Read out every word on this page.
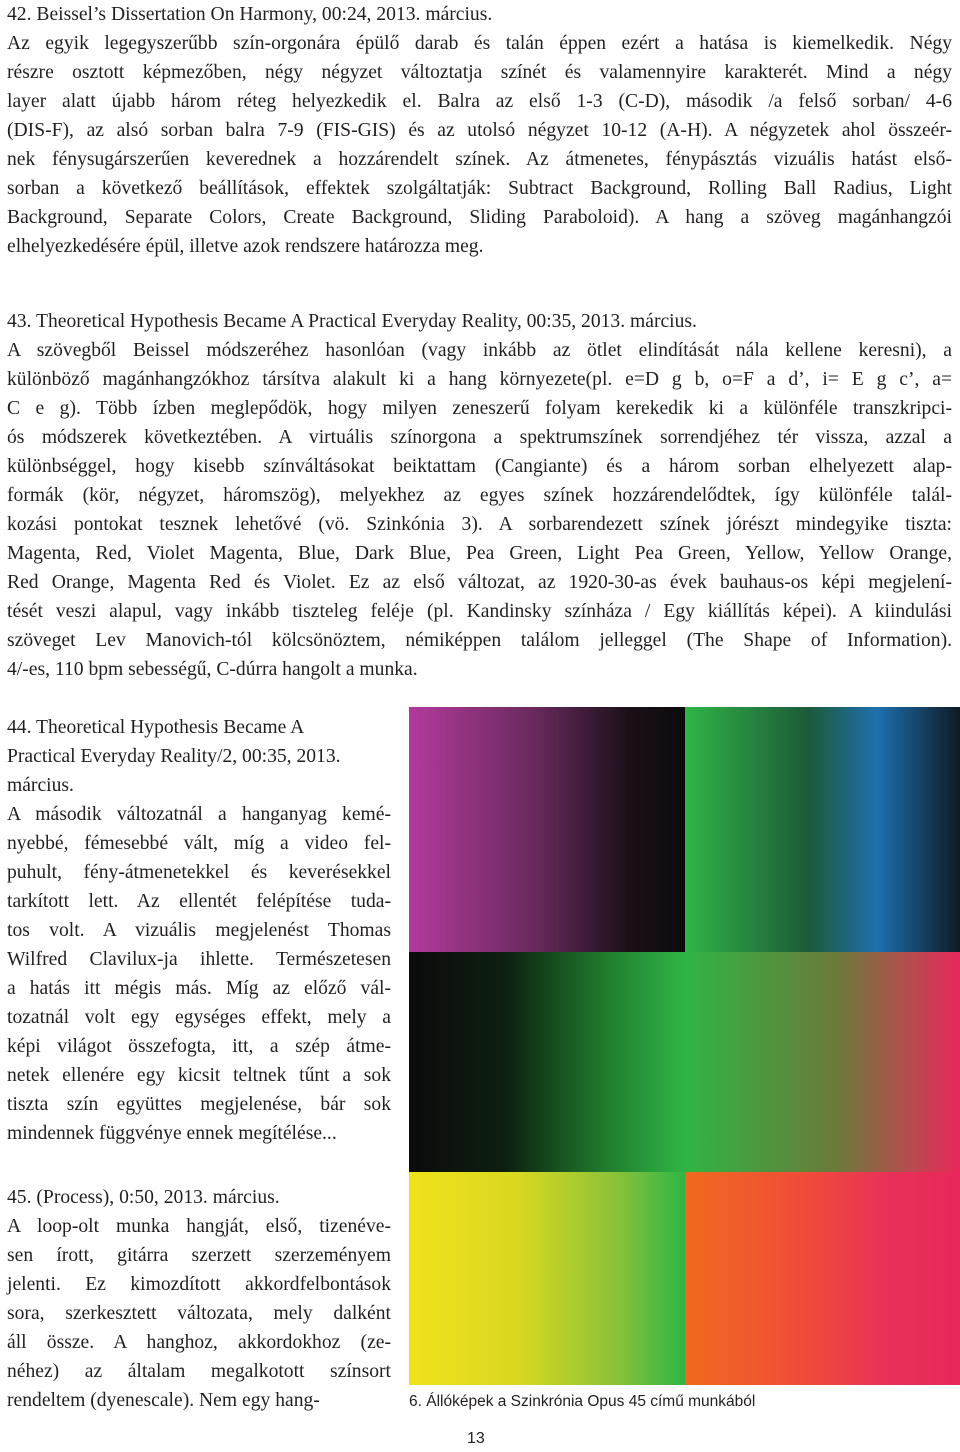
42. Beissel’s Dissertation On Harmony, 00:24, 2013. március.
Az egyik legegyszerűbb szín-orgonára épülő darab és talán éppen ezért a hatása is kiemelkedik. Négy
részre osztott képmezőben, négy négyzet változtatja színét és valamennyire karakterét. Mind a négy
layer alatt újabb három réteg helyezkedik el. Balra az első 1-3 (C-D), második /a felső sorban/ 4-6
(DIS-F), az alsó sorban balra 7-9 (FIS-GIS) és az utolsó négyzet 10-12 (A-H). A négyzetek ahol összeér-
nek fénysugárszerűen keverednek a hozzárendelt színek. Az átmenetes, fénypásztás vizuális hatást első-
sorban a következő beállítások, effektek szolgáltatják: Subtract Background, Rolling Ball Radius, Light
Background, Separate Colors, Create Background, Sliding Paraboloid). A hang a szöveg magánhangzói
elhelyezkedésére épül, illetve azok rendszere határozza meg.
43. Theoretical Hypothesis Became A Practical Everyday Reality, 00:35, 2013. március.
A szövegből Beissel módszeréhez hasonlóan (vagy inkább az ötlet elindítását nála kellene keresni), a
különböző magánhangzókhoz társítva alakult ki a hang környezete(pl. e=D g b, o=F a d’, i= E g c’, a=
C e g). Több ízben meglepődök, hogy milyen zeneszerű folyam kerekedik ki a különféle transzkripci-
ós módszerek következtében. A virtuális színorgona a spektrumszínek sorrendjéhez tér vissza, azzal a
különbséggel, hogy kisebb színváltásokat beiktattam (Cangiante) és a három sorban elhelyezett alap-
formák (kör, négyzet, háromszög), melyekhez az egyes színek hozzárendelődtek, így különféle talál-
kozási pontokat tesznek lehetővé (vö. Szinkónia 3). A sorbarendezett színek jórészt mindegyike tiszta:
Magenta, Red, Violet Magenta, Blue, Dark Blue, Pea Green, Light Pea Green, Yellow, Yellow Orange,
Red Orange, Magenta Red és Violet. Ez az első változat, az 1920-30-as évek bauhaus-os képi megjelení-
tését veszi alapul, vagy inkább tiszteleg feléje (pl. Kandinsky színháza / Egy kiállítás képei). A kiindulási
szöveget Lev Manovich-tól kölcsönöztem, némiképpen találom jelleggel (The Shape of Information).
4/-es, 110 bpm sebességű, C-dúrra hangolt a munka.
44. Theoretical Hypothesis Became A
Practical Everyday Reality/2, 00:35, 2013.
március.
A második változatnál a hanganyag kemé-
nyebbé, fémesebbé vált, míg a video fel-
puhult, fény-átmenetekkel és keverésekkel
tarkított lett. Az ellentét felépítése tuda-
tos volt. A vizuális megjelenést Thomas
Wilfred Clavilux-ja ihlette. Természetesen
a hatás itt mégis más. Míg az előző vál-
tozatnál volt egy egységes effekt, mely a
képi világot összefogta, itt, a szép átme-
netek ellenére egy kicsit teltnek tűnt a sok
tiszta szín együttes megjelenése, bár sok
mindennek függvénye ennek megítélése...
45. (Process), 0:50, 2013. március.
A loop-olt munka hangját, első, tizenéve-
sen írott, gitárra szerzett szerzeményem
jelenti. Ez kimozdított akkordfelbontások
sora, szerkesztett változata, mely dalként
áll össze. A hanghoz, akkordokhoz (ze-
néhez) az általam megalkotott színsort
rendeltem (dyenescale). Nem egy hang-	6. Állóképek a Szinkrónia Opus 45 című munkából
13
